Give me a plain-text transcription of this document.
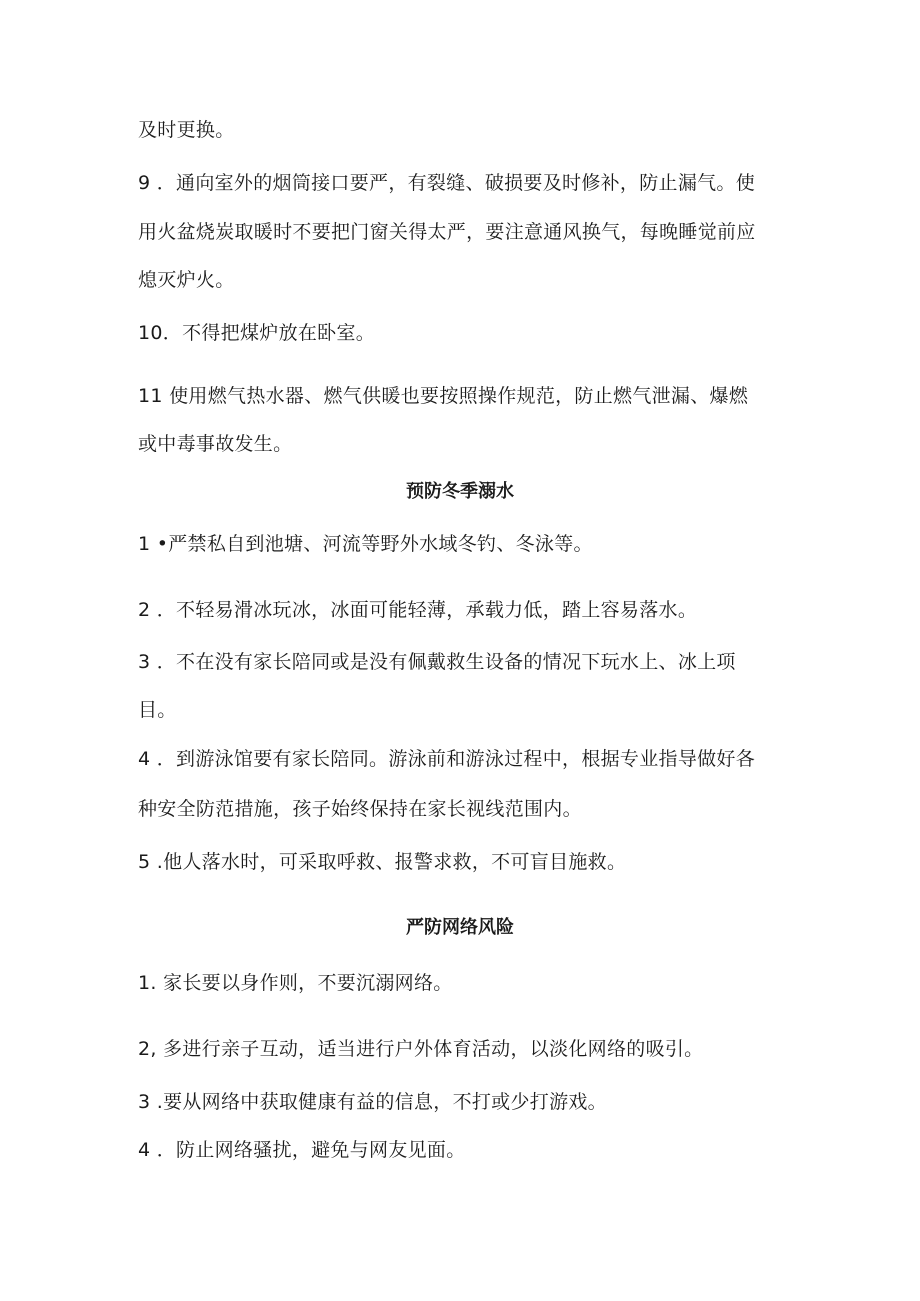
及时更换。
9 ．通向室外的烟筒接口要严，有裂缝、破损要及时修补，防止漏气。使
用火盆烧炭取暖时不要把门窗关得太严，要注意通风换气，每晚睡觉前应
熄灭炉火。
10．不得把煤炉放在卧室。
11 使用燃气热水器、燃气供暖也要按照操作规范，防止燃气泄漏、爆燃
或中毒事故发生。
预防冬季溺水
1 •严禁私自到池塘、河流等野外水域冬钓、冬泳等。
2 ．不轻易滑冰玩冰，冰面可能轻薄，承载力低，踏上容易落水。
3 ．不在没有家长陪同或是没有佩戴救生设备的情况下玩水上、冰上项
目。
4 ．到游泳馆要有家长陪同。游泳前和游泳过程中，根据专业指导做好各
种安全防范措施，孩子始终保持在家长视线范围内。
5 .他人落水时，可采取呼救、报警求救，不可盲目施救。
严防网络风险
1. 家长要以身作则，不要沉溺网络。
2, 多进行亲子互动，适当进行户外体育活动，以淡化网络的吸引。
3 .要从网络中获取健康有益的信息，不打或少打游戏。
4 ．防止网络骚扰，避免与网友见面。
